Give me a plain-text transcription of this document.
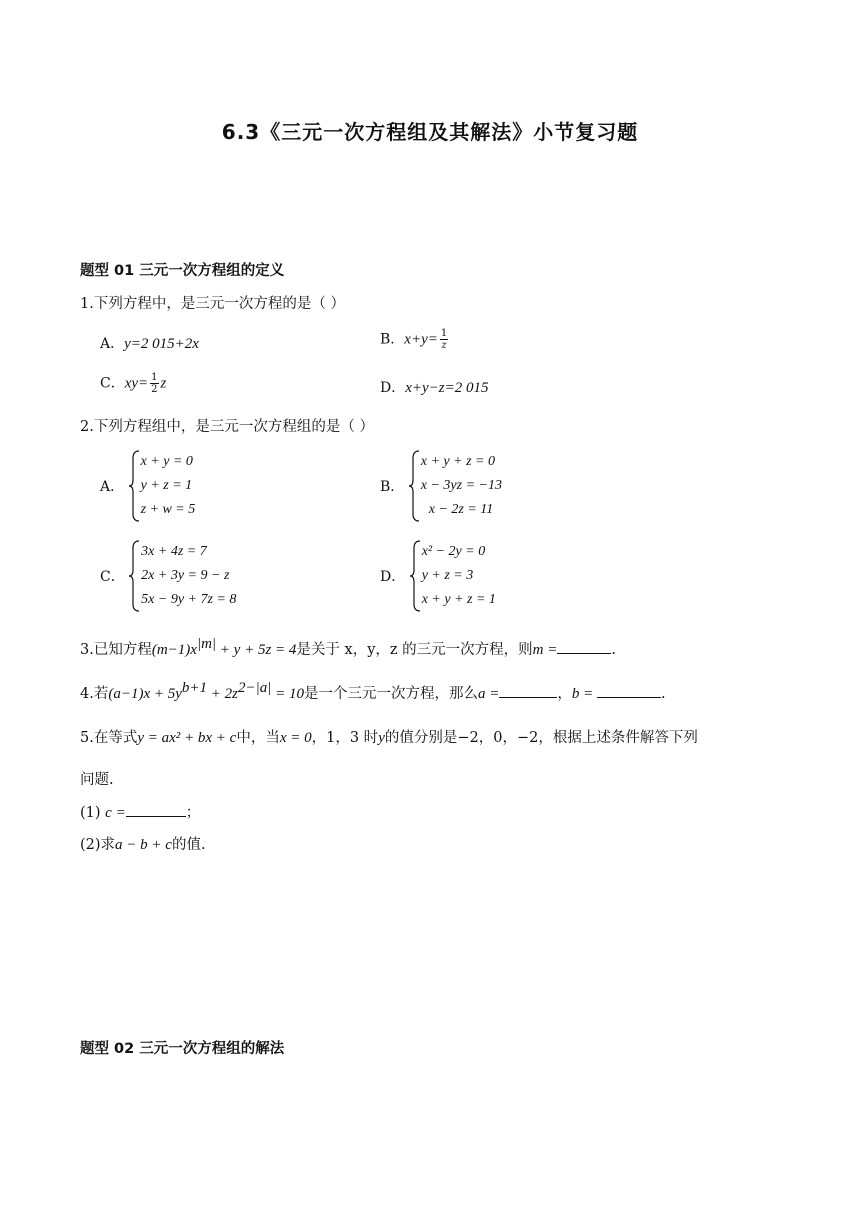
6.3《三元一次方程组及其解法》小节复习题
题型 01 三元一次方程组的定义
1.下列方程中，是三元一次方程的是（ ）
A．y=2 015+2x	B．$x+y= \frac{1}{z}$
C．$xy= \frac{1}{2}$ z	D．x+y−z=2 015
2.下列方程组中，是三元一次方程组的是（ ）
A．
x + y = 0
y + z = 1
z + w = 5
B．
x + y + z = 0
x − 3yz = −13
x − 2z = 11
C．
3x + 4z = 7
2x + 3y = 9 − z
5x − 9y + 7z = 8
D．
x² − 2y = 0
y + z = 3
x + y + z = 1
3.已知方程$(m-1)x^{|m|} + y + 5z = 4$是关于 x，y，z 的三元一次方程，则m =	.
4.若$(a-1)x + 5y^{b+1} + 2z^{2-|a|} = 10$是一个三元一次方程，那么a =	，b =	.
5.在等式y = ax² + bx + c中，当x = 0，1，3 时y的值分别是−2，0，−2，根据上述条件解答下列
问题.
(1) c =	；
(2)求a − b + c的值.
题型 02 三元一次方程组的解法
